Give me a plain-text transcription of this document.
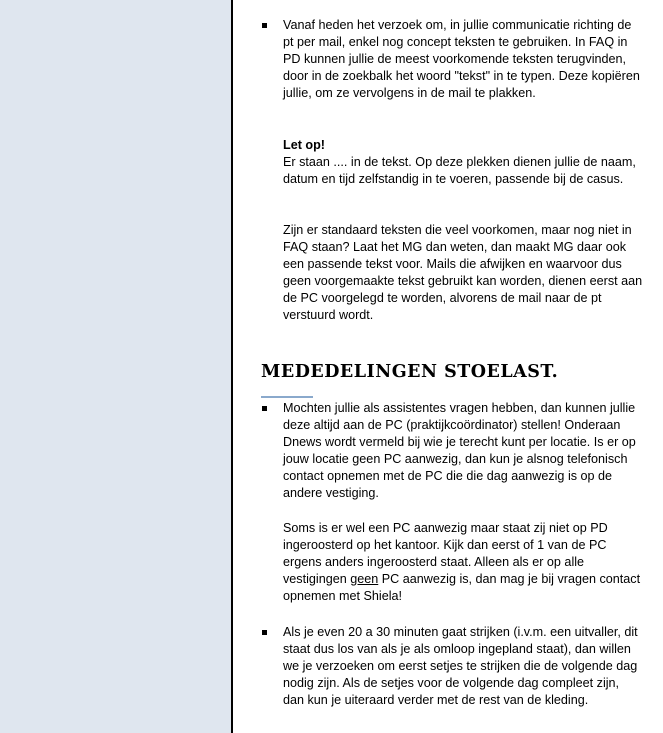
Vanaf heden het verzoek om, in jullie communicatie richting de pt per mail, enkel nog concept teksten te gebruiken. In FAQ in PD kunnen jullie de meest voorkomende teksten terugvinden, door in de zoekbalk het woord "tekst" in te typen. Deze kopiëren jullie, om ze vervolgens in de mail te plakken.

Let op!

Er staan .... in de tekst. Op deze plekken dienen jullie de naam, datum en tijd zelfstandig in te voeren, passende bij de casus.

Zijn er standaard teksten die veel voorkomen, maar nog niet in FAQ staan? Laat het MG dan weten, dan maakt MG daar ook een passende tekst voor. Mails die afwijken en waarvoor dus geen voorgemaakte tekst gebruikt kan worden, dienen eerst aan de PC voorgelegd te worden, alvorens de mail naar de pt verstuurd wordt.

MEDEDELINGEN STOELAST.

Mochten jullie als assistentes vragen hebben, dan kunnen jullie deze altijd aan de PC (praktijkcoördinator) stellen! Onderaan Dnews wordt vermeld bij wie je terecht kunt per locatie. Is er op jouw locatie geen PC aanwezig, dan kun je alsnog telefonisch contact opnemen met de PC die die dag aanwezig is op de andere vestiging.

Soms is er wel een PC aanwezig maar staat zij niet op PD ingeroosterd op het kantoor. Kijk dan eerst of 1 van de PC ergens anders ingeroosterd staat. Alleen als er op alle vestigingen geen PC aanwezig is, dan mag je bij vragen contact opnemen met Shiela!

Als je even 20 a 30 minuten gaat strijken (i.v.m. een uitvaller, dit staat dus los van als je als omloop ingepland staat), dan willen we je verzoeken om eerst setjes te strijken die de volgende dag nodig zijn. Als de setjes voor de volgende dag compleet zijn, dan kun je uiteraard verder met de rest van de kleding.
